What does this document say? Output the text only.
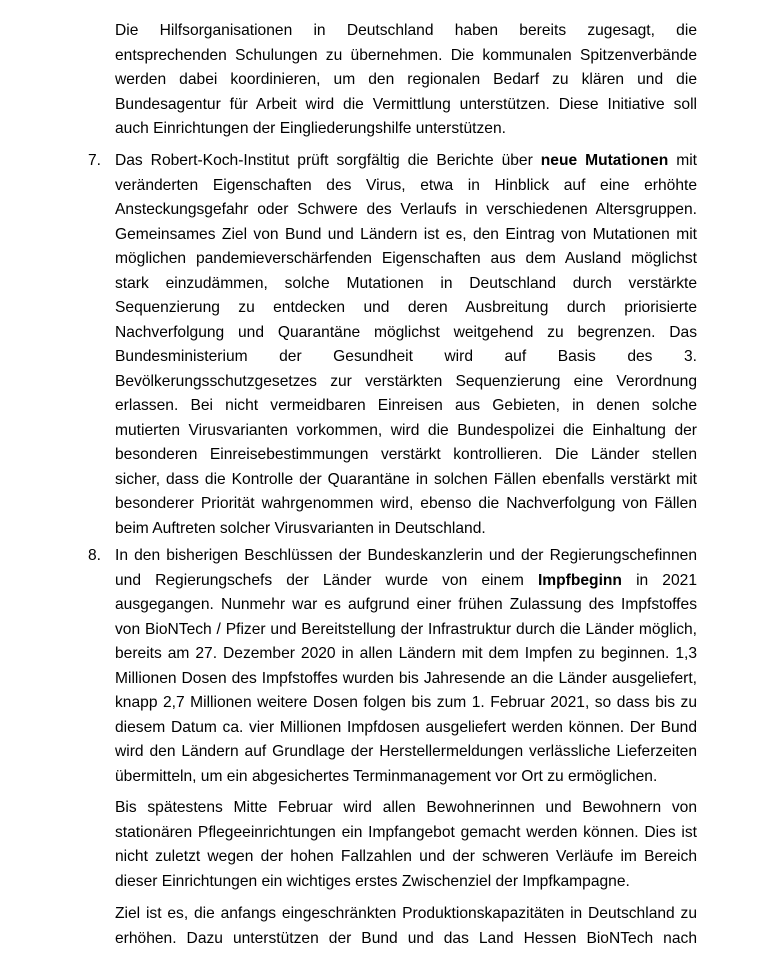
Die Hilfsorganisationen in Deutschland haben bereits zugesagt, die
entsprechenden Schulungen zu übernehmen. Die kommunalen Spitzenverbände
werden dabei koordinieren, um den regionalen Bedarf zu klären und die
Bundesagentur für Arbeit wird die Vermittlung unterstützen. Diese Initiative soll
auch Einrichtungen der Eingliederungshilfe unterstützen.
7. Das Robert-Koch-Institut prüft sorgfältig die Berichte über neue Mutationen mit
veränderten Eigenschaften des Virus, etwa in Hinblick auf eine erhöhte
Ansteckungsgefahr oder Schwere des Verlaufs in verschiedenen Altersgruppen.
Gemeinsames Ziel von Bund und Ländern ist es, den Eintrag von Mutationen mit
möglichen pandemieverschärfenden Eigenschaften aus dem Ausland möglichst
stark einzudämmen, solche Mutationen in Deutschland durch verstärkte
Sequenzierung zu entdecken und deren Ausbreitung durch priorisierte
Nachverfolgung und Quarantäne möglichst weitgehend zu begrenzen. Das
Bundesministerium der Gesundheit wird auf Basis des 3.
Bevölkerungsschutzgesetzes zur verstärkten Sequenzierung eine Verordnung
erlassen. Bei nicht vermeidbaren Einreisen aus Gebieten, in denen solche
mutierten Virusvarianten vorkommen, wird die Bundespolizei die Einhaltung der
besonderen Einreisebestimmungen verstärkt kontrollieren. Die Länder stellen
sicher, dass die Kontrolle der Quarantäne in solchen Fällen ebenfalls verstärkt mit
besonderer Priorität wahrgenommen wird, ebenso die Nachverfolgung von Fällen
beim Auftreten solcher Virusvarianten in Deutschland.
8. In den bisherigen Beschlüssen der Bundeskanzlerin und der Regierungschefinnen
und Regierungschefs der Länder wurde von einem Impfbeginn in 2021
ausgegangen. Nunmehr war es aufgrund einer frühen Zulassung des Impfstoffes
von BioNTech / Pfizer und Bereitstellung der Infrastruktur durch die Länder möglich,
bereits am 27. Dezember 2020 in allen Ländern mit dem Impfen zu beginnen. 1,3
Millionen Dosen des Impfstoffes wurden bis Jahresende an die Länder ausgeliefert,
knapp 2,7 Millionen weitere Dosen folgen bis zum 1. Februar 2021, so dass bis zu
diesem Datum ca. vier Millionen Impfdosen ausgeliefert werden können. Der Bund
wird den Ländern auf Grundlage der Herstellermeldungen verlässliche Lieferzeiten
übermitteln, um ein abgesichertes Terminmanagement vor Ort zu ermöglichen.
Bis spätestens Mitte Februar wird allen Bewohnerinnen und Bewohnern von
stationären Pflegeeinrichtungen ein Impfangebot gemacht werden können. Dies ist
nicht zuletzt wegen der hohen Fallzahlen und der schweren Verläufe im Bereich
dieser Einrichtungen ein wichtiges erstes Zwischenziel der Impfkampagne.
Ziel ist es, die anfangs eingeschränkten Produktionskapazitäten in Deutschland zu
erhöhen. Dazu unterstützen der Bund und das Land Hessen BioNTech nach
